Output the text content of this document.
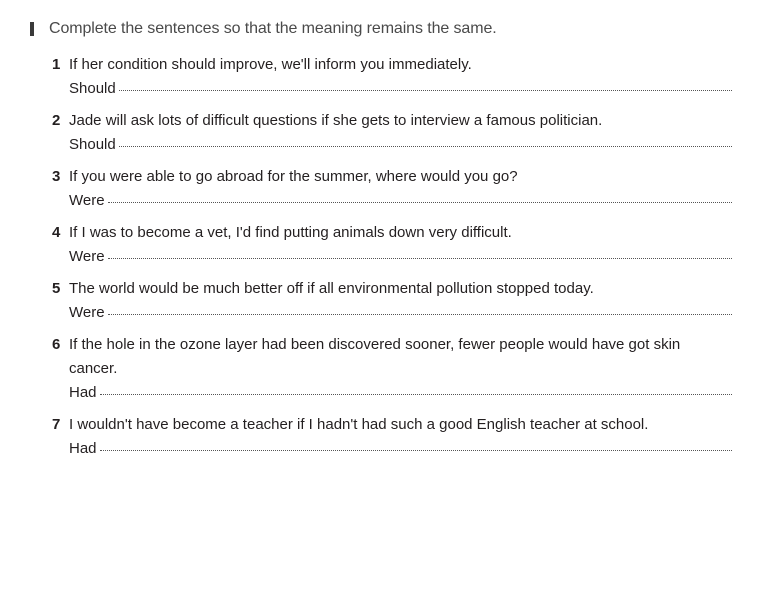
Complete the sentences so that the meaning remains the same.
1 If her condition should improve, we'll inform you immediately.
Should
2 Jade will ask lots of difficult questions if she gets to interview a famous politician.
Should
3 If you were able to go abroad for the summer, where would you go?
Were
4 If I was to become a vet, I'd find putting animals down very difficult.
Were
5 The world would be much better off if all environmental pollution stopped today.
Were
6 If the hole in the ozone layer had been discovered sooner, fewer people would have got skin
cancer.
Had
7 I wouldn't have become a teacher if I hadn't had such a good English teacher at school.
Had
